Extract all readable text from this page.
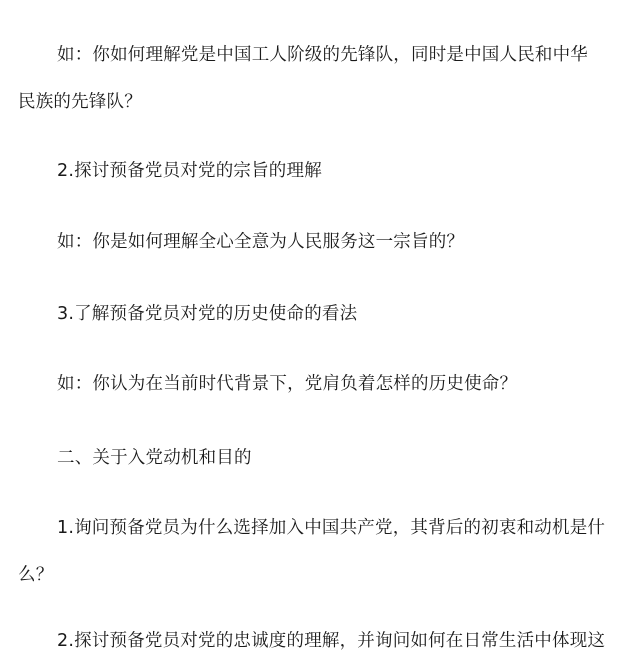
如：你如何理解党是中国工人阶级的先锋队，同时是中国人民和中华
民族的先锋队？
2.探讨预备党员对党的宗旨的理解
如：你是如何理解全心全意为人民服务这一宗旨的？
3.了解预备党员对党的历史使命的看法
如：你认为在当前时代背景下，党肩负着怎样的历史使命？
二、关于入党动机和目的
1.询问预备党员为什么选择加入中国共产党，其背后的初衷和动机是什
么？
2.探讨预备党员对党的忠诚度的理解，并询问如何在日常生活中体现这
